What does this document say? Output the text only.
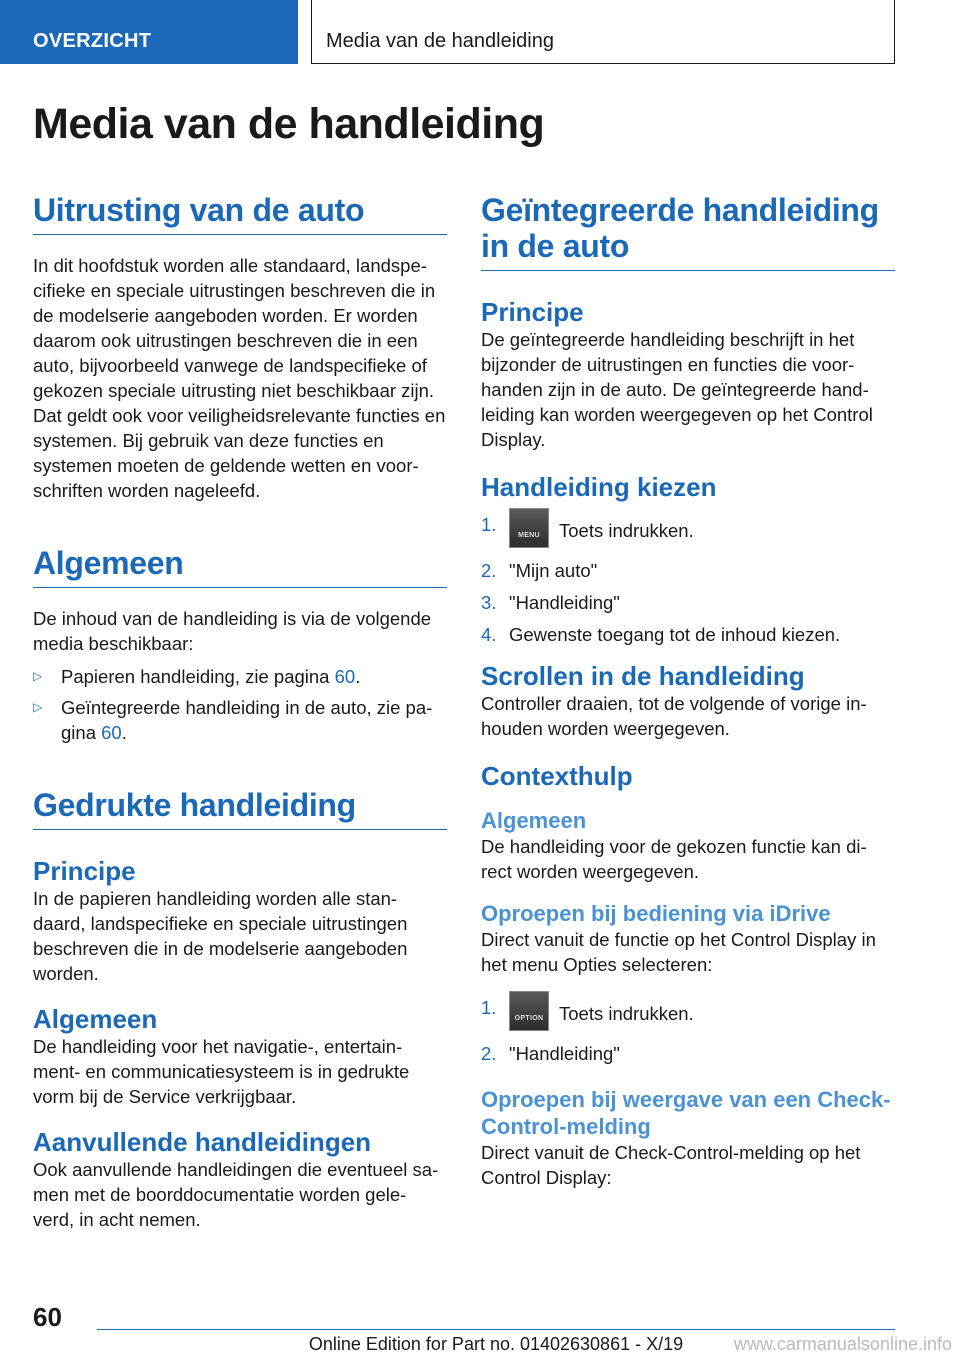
OVERZICHT	Media van de handleiding
Media van de handleiding
Uitrusting van de auto

In dit hoofdstuk worden alle standaard, landspe-cifieke en speciale uitrustingen beschreven die in de modelserie aangeboden worden. Er worden daarom ook uitrustingen beschreven die in een auto, bijvoorbeeld vanwege de landspecifieke of gekozen speciale uitrusting niet beschikbaar zijn. Dat geldt ook voor veiligheidsrelevante functies en systemen. Bij gebruik van deze functies en systemen moeten de geldende wetten en voor-schriften worden nageleefd.

Algemeen

De inhoud van de handleiding is via de volgende media beschikbaar:

▷ Papieren handleiding, zie pagina 60.
▷ Geïntegreerde handleiding in de auto, zie pa-gina 60.
Gedrukte handleiding
Principe

In de papieren handleiding worden alle stan-daard, landspecifieke en speciale uitrustingen beschreven die in de modelserie aangeboden worden.

Algemeen

De handleiding voor het navigatie-, entertain-ment- en communicatiesysteem is in gedrukte vorm bij de Service verkrijgbaar.

Aanvullende handleidingen

Ook aanvullende handleidingen die eventueel sa-men met de boorddocumentatie worden gele-verd, in acht nemen.

Geïntegreerde handleiding in de auto
Principe

De geïntegreerde handleiding beschrijft in het bijzonder de uitrustingen en functies die voor-handen zijn in de auto. De geïntegreerde hand-leiding kan worden weergegeven op het Control Display.

Handleiding kiezen
1.
MENU	Toets indrukken.
2. "Mijn auto"
3. "Handleiding"
4. Gewenste toegang tot de inhoud kiezen.
Scrollen in de handleiding

Controller draaien, tot de volgende of vorige in-houden worden weergegeven.

Contexthulp
Algemeen

De handleiding voor de gekozen functie kan di-rect worden weergegeven.

Oproepen bij bediening via iDrive

Direct vanuit de functie op het Control Display in het menu Opties selecteren:

1.
OPTION Toets indrukken.
2. "Handleiding"
Oproepen bij weergave van een Check-Control-melding

Direct vanuit de Check-Control-melding op het Control Display:

60
Online Edition for Part no. 01402630861 - X/19	www.carmanualsonline.info
